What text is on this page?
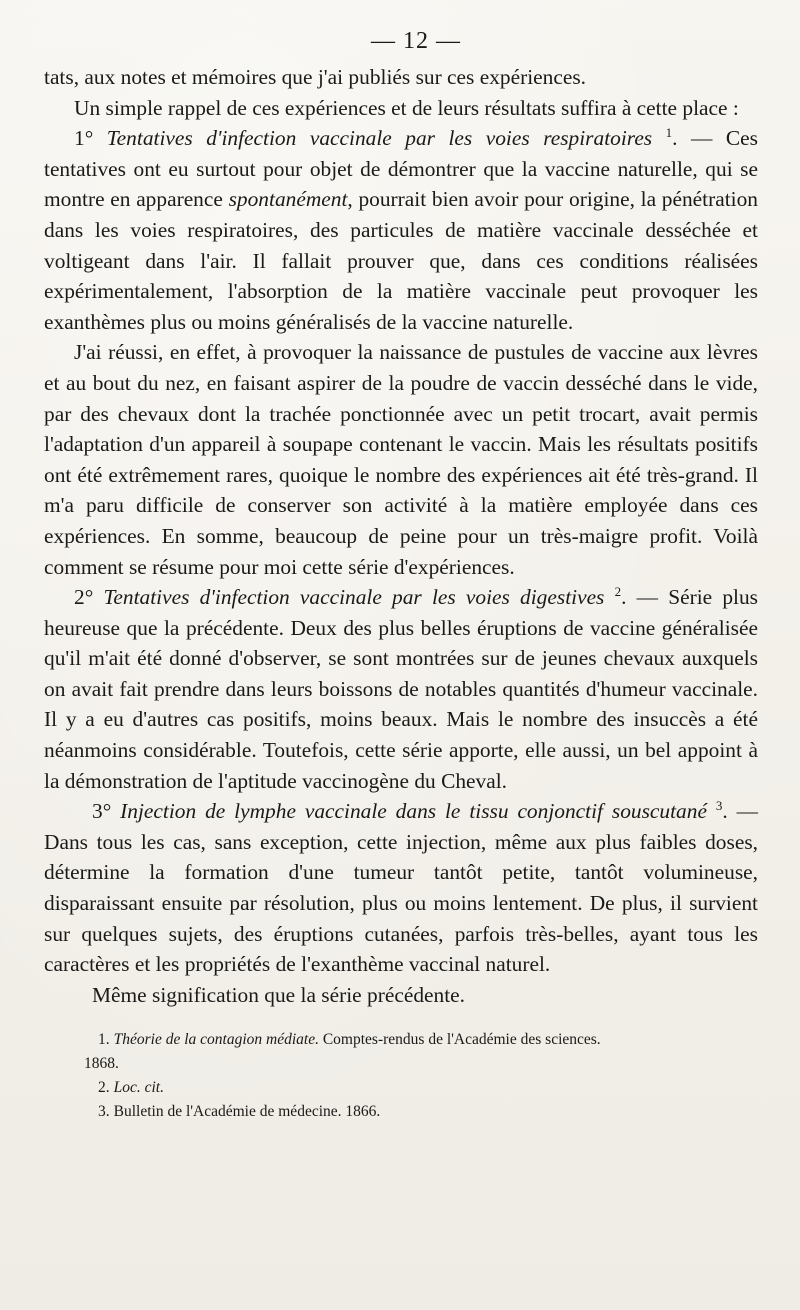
— 12 —

tats, aux notes et mémoires que j'ai publiés sur ces expériences.

Un simple rappel de ces expériences et de leurs résultats suffira à cette place :

1° Tentatives d'infection vaccinale par les voies respiratoires $^1$. — Ces tentatives ont eu surtout pour objet de démontrer que la vaccine naturelle, qui se montre en apparence spontanément, pourrait bien avoir pour origine, la pénétration dans les voies respiratoires, des particules de matière vaccinale desséchée et voltigeant dans l'air. Il fallait prouver que, dans ces conditions réalisées expérimentalement, l'absorption de la matière vaccinale peut provoquer les exanthèmes plus ou moins généralisés de la vaccine naturelle.

J'ai réussi, en effet, à provoquer la naissance de pustules de vaccine aux lèvres et au bout du nez, en faisant aspirer de la poudre de vaccin desséché dans le vide, par des chevaux dont la trachée ponctionnée avec un petit trocart, avait permis l'adaptation d'un appareil à soupape contenant le vaccin. Mais les résultats positifs ont été extrêmement rares, quoique le nombre des expériences ait été très-grand. Il m'a paru difficile de conserver son activité à la matière employée dans ces expériences. En somme, beaucoup de peine pour un très-maigre profit. Voilà comment se résume pour moi cette série d'expériences.

2° Tentatives d'infection vaccinale par les voies digestives $^2$. — Série plus heureuse que la précédente. Deux des plus belles éruptions de vaccine généralisée qu'il m'ait été donné d'observer, se sont montrées sur de jeunes chevaux auxquels on avait fait prendre dans leurs boissons de notables quantités d'humeur vaccinale. Il y a eu d'autres cas positifs, moins beaux. Mais le nombre des insuccès a été néanmoins considérable. Toutefois, cette série apporte, elle aussi, un bel appoint à la démonstration de l'aptitude vaccinogène du Cheval.

3° Injection de lymphe vaccinale dans le tissu conjonctif souscutané $^3$. — Dans tous les cas, sans exception, cette injection, même aux plus faibles doses, détermine la formation d'une tumeur tantôt petite, tantôt volumineuse, disparaissant ensuite par résolution, plus ou moins lentement. De plus, il survient sur quelques sujets, des éruptions cutanées, parfois très-belles, ayant tous les caractères et les propriétés de l'exanthème vaccinal naturel.

Même signification que la série précédente.

1. Théorie de la contagion médiate. Comptes-rendus de l'Académie des sciences.
1868.

2. Loc. cit.

3. Bulletin de l'Académie de médecine. 1866.
